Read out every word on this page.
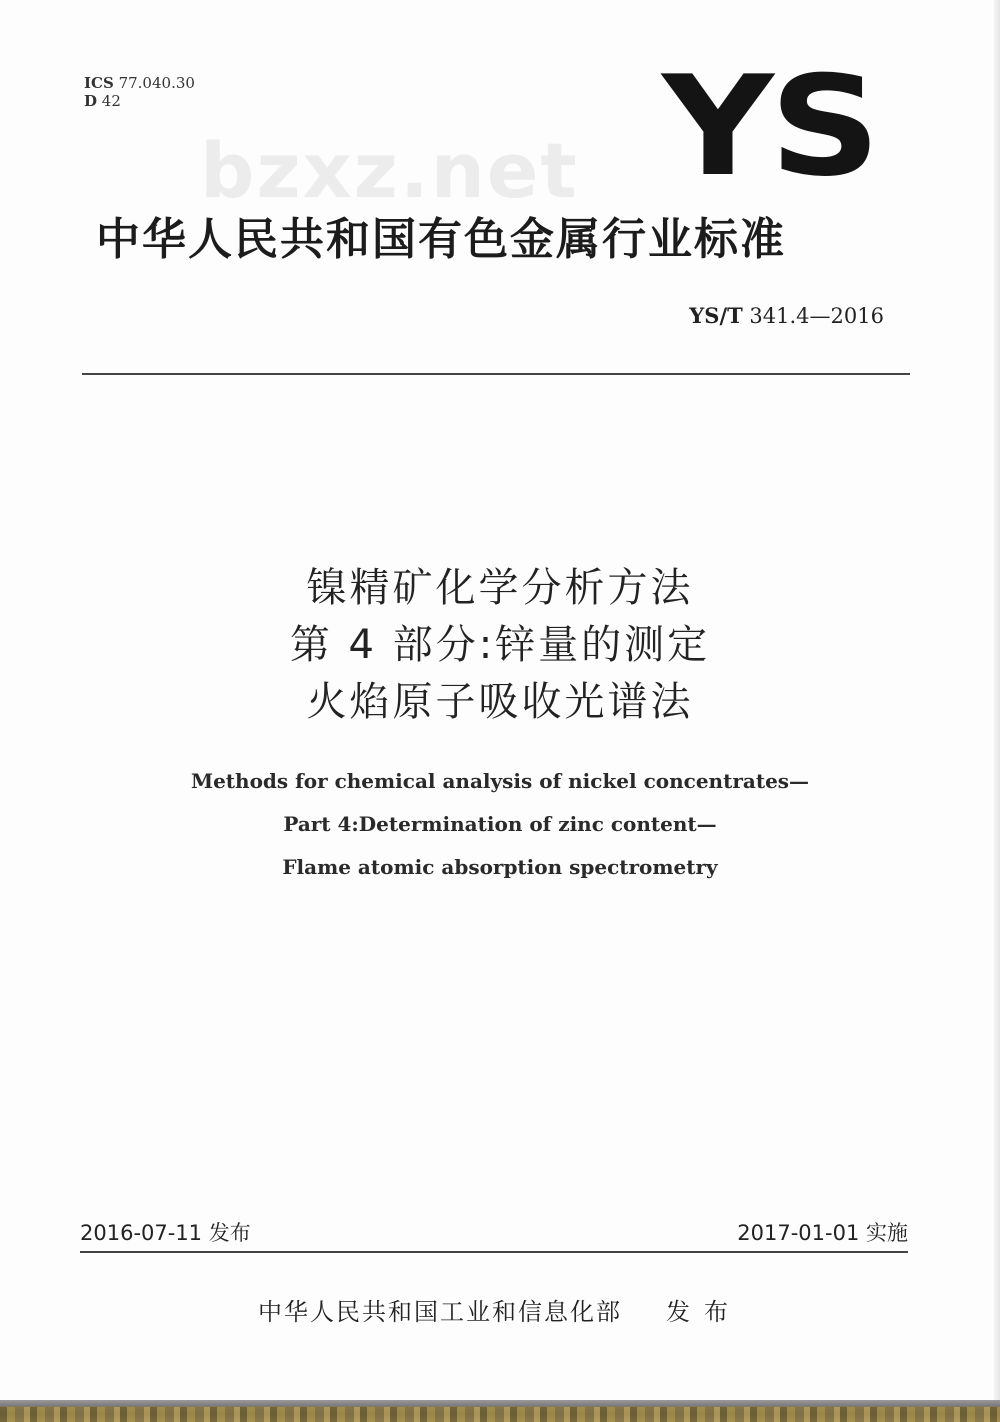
ICS 77.040.30
D 42
bzxz.net YS
中华人民共和国有色金属行业标准
YS/T 341.4—2016
镍精矿化学分析方法
第 4 部分:锌量的测定
火焰原子吸收光谱法
Methods for chemical analysis of nickel concentrates—
Part 4:Determination of zinc content—
Flame atomic absorption spectrometry
2016-07-11 发布	2017-01-01 实施
中华人民共和国工业和信息化部 发布
